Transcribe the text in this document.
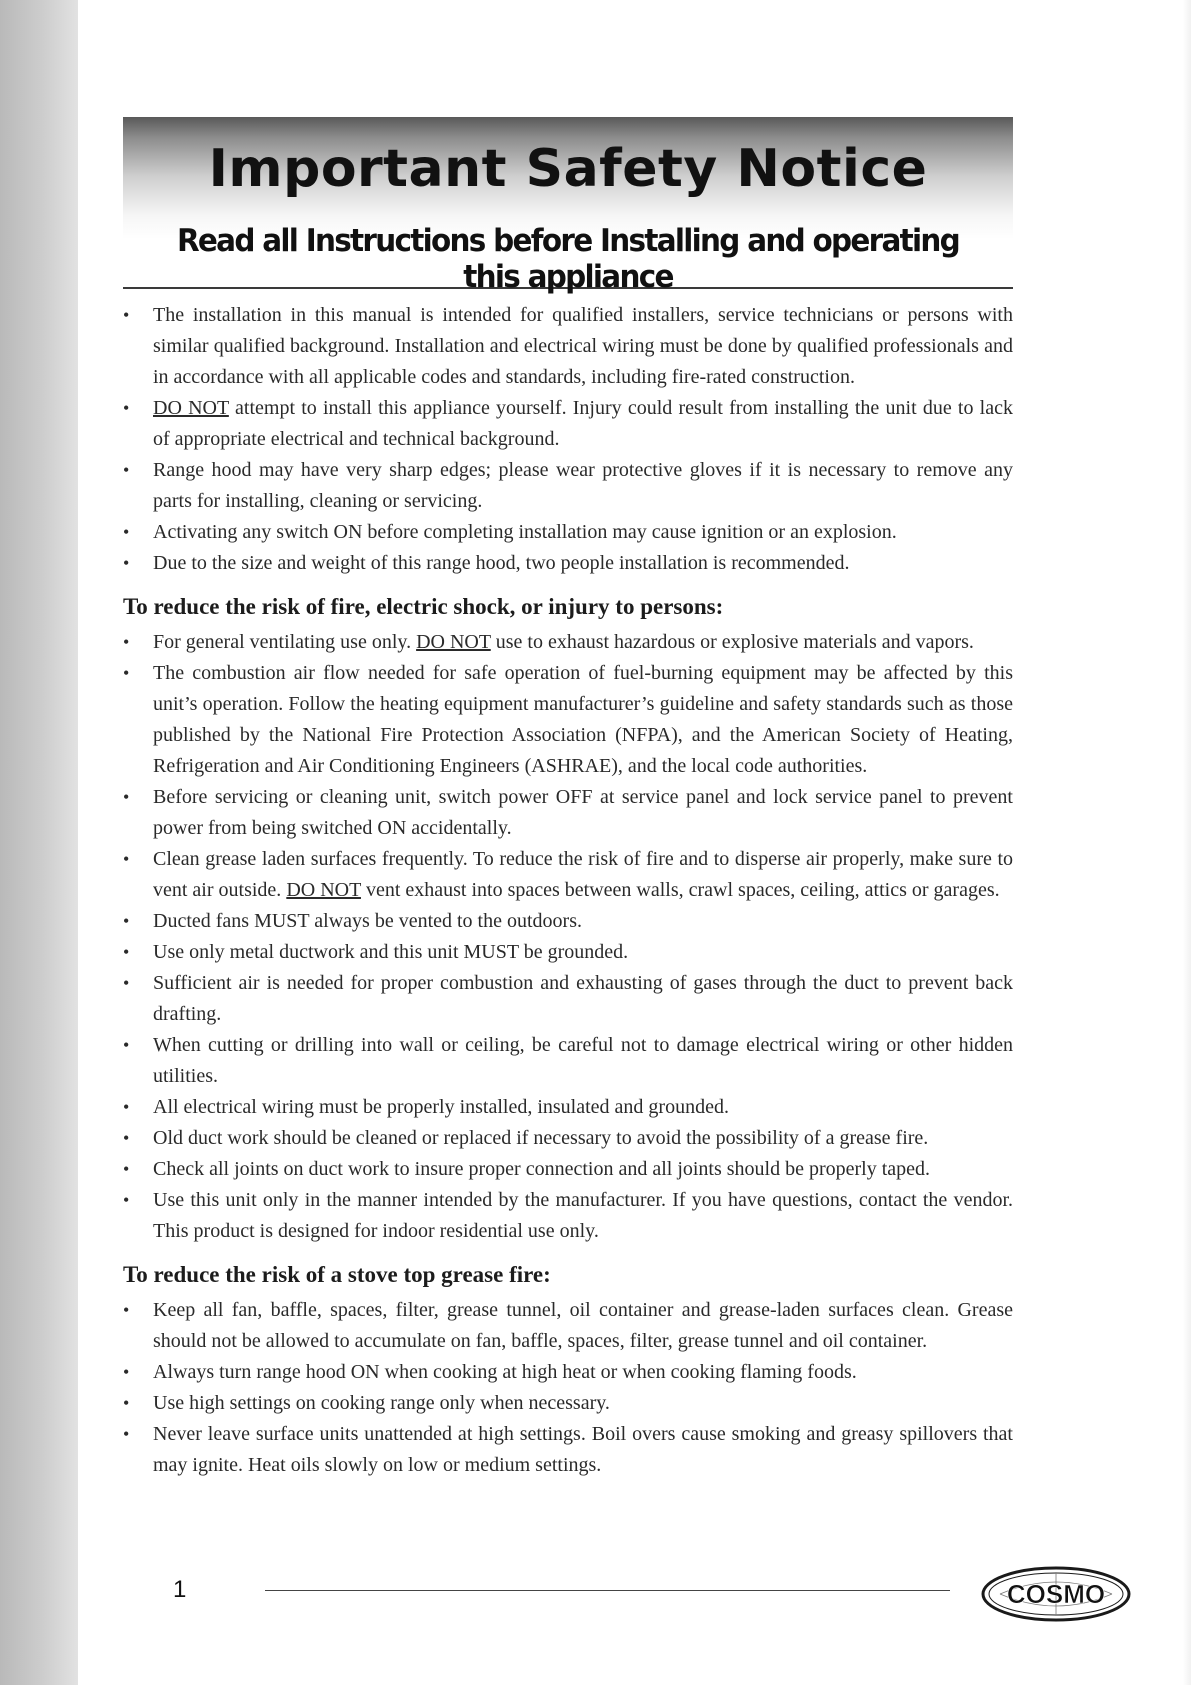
Important Safety Notice
Read all Instructions before Installing and operating this appliance
• The installation in this manual is intended for qualified installers, service technicians or persons with similar qualified background. Installation and electrical wiring must be done by qualified professionals and in accordance with all applicable codes and standards, including fire-rated construction.
• DO NOT attempt to install this appliance yourself. Injury could result from installing the unit due to lack of appropriate electrical and technical background.
• Range hood may have very sharp edges; please wear protective gloves if it is necessary to remove any parts for installing, cleaning or servicing.
• Activating any switch ON before completing installation may cause ignition or an explosion.
• Due to the size and weight of this range hood, two people installation is recommended.
To reduce the risk of fire, electric shock, or injury to persons:
• For general ventilating use only. DO NOT use to exhaust hazardous or explosive materials and vapors.
• The combustion air flow needed for safe operation of fuel-burning equipment may be affected by this unit’s operation. Follow the heating equipment manufacturer’s guideline and safety standards such as those published by the National Fire Protection Association (NFPA), and the American Society of Heating, Refrigeration and Air Conditioning Engineers (ASHRAE), and the local code authorities.
• Before servicing or cleaning unit, switch power OFF at service panel and lock service panel to prevent power from being switched ON accidentally.
• Clean grease laden surfaces frequently. To reduce the risk of fire and to disperse air properly, make sure to vent air outside. DO NOT vent exhaust into spaces between walls, crawl spaces, ceiling, attics or garages.
• Ducted fans MUST always be vented to the outdoors.
• Use only metal ductwork and this unit MUST be grounded.
• Sufficient air is needed for proper combustion and exhausting of gases through the duct to prevent back drafting.
• When cutting or drilling into wall or ceiling, be careful not to damage electrical wiring or other hidden utilities.
• All electrical wiring must be properly installed, insulated and grounded.
• Old duct work should be cleaned or replaced if necessary to avoid the possibility of a grease fire.
• Check all joints on duct work to insure proper connection and all joints should be properly taped.
• Use this unit only in the manner intended by the manufacturer. If you have questions, contact the vendor. This product is designed for indoor residential use only.
To reduce the risk of a stove top grease fire:
• Keep all fan, baffle, spaces, filter, grease tunnel, oil container and grease-laden surfaces clean. Grease should not be allowed to accumulate on fan, baffle, spaces, filter, grease tunnel and oil container.
• Always turn range hood ON when cooking at high heat or when cooking flaming foods.
• Use high settings on cooking range only when necessary.
• Never leave surface units unattended at high settings. Boil overs cause smoking and greasy spillovers that may ignite. Heat oils slowly on low or medium settings.
1	COSMO
